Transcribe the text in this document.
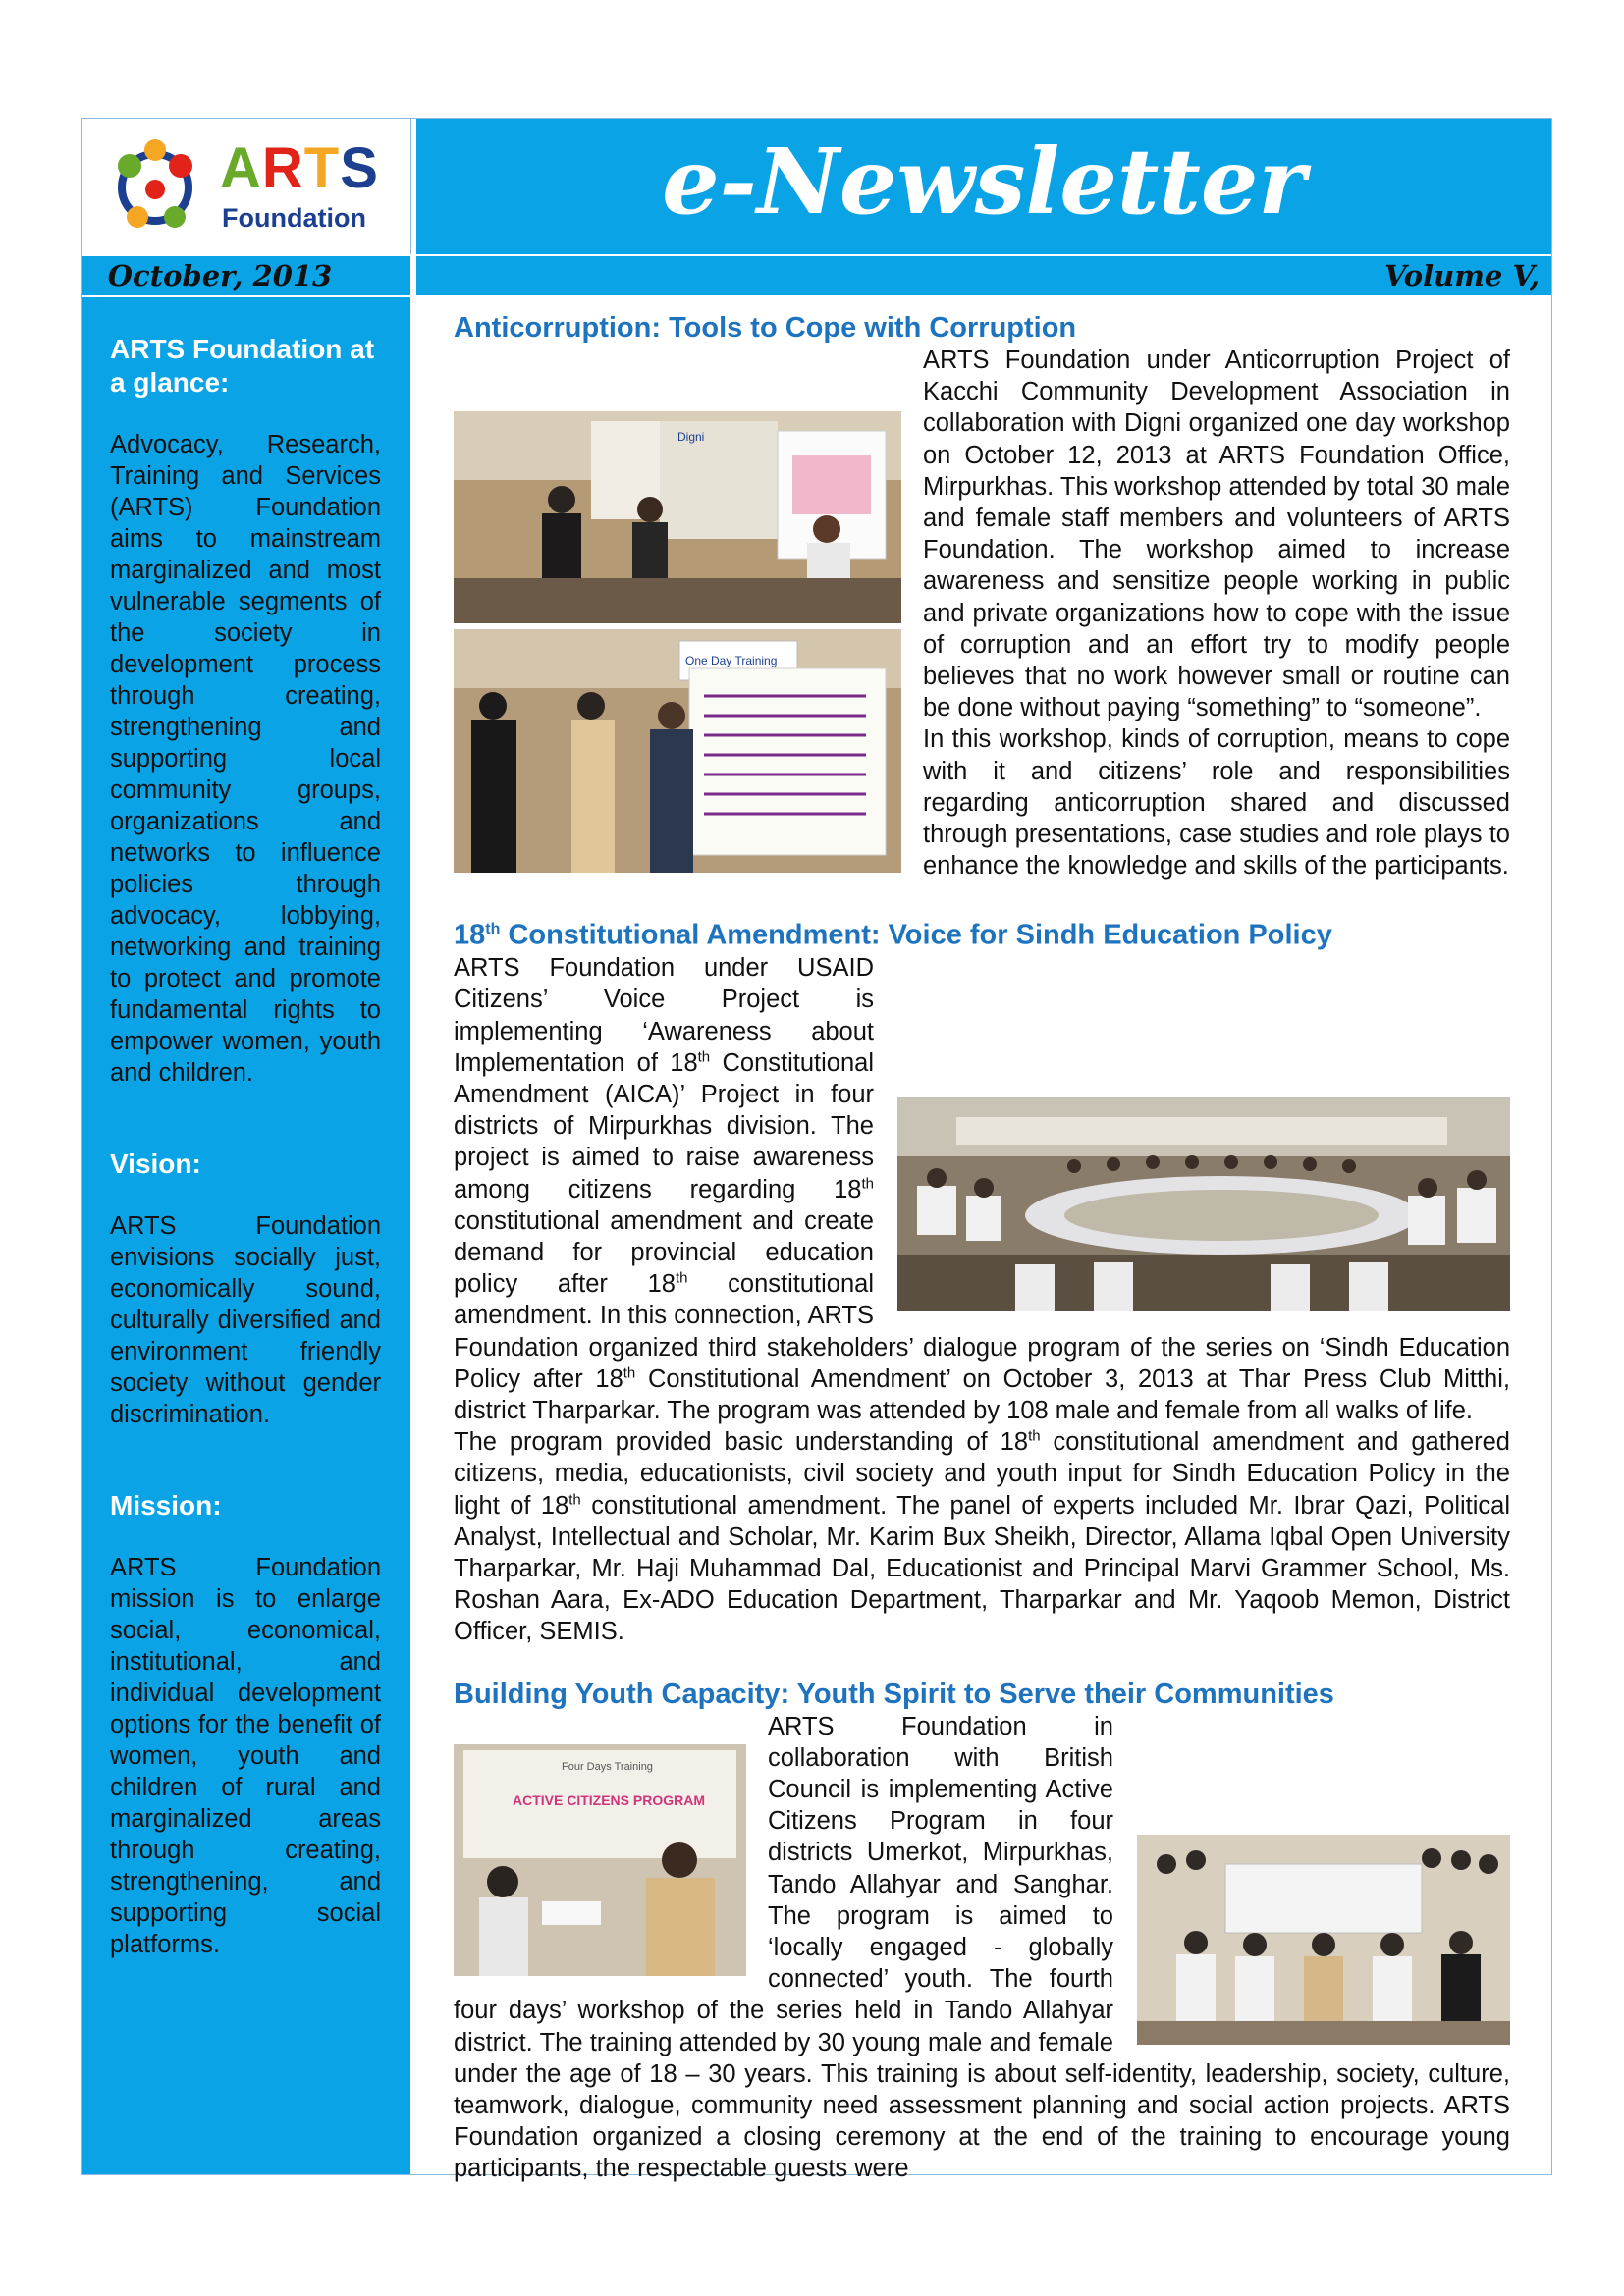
ARTS
Foundation	e-Newsletter
October, 2013	Volume V,

ARTS Foundation at a glance:

Advocacy, Research, Training and Services (ARTS) Foundation aims to mainstream marginalized and most vulnerable segments of the society in development process through creating, strengthening and supporting local community groups, organizations and networks to influence policies through advocacy, lobbying, networking and training to protect and promote fundamental rights to empower women, youth and children.

Vision:

ARTS Foundation envisions socially just, economically sound, culturally diversified and environment friendly society without gender discrimination.

Mission:

ARTS Foundation mission is to enlarge social, economical, institutional, and individual development options for the benefit of women, youth and children of rural and marginalized areas through creating, strengthening, and supporting social platforms.

Anticorruption: Tools to Cope with Corruption

Digni
One Day Training

ARTS Foundation under Anticorruption Project of Kacchi Community Development Association in collaboration with Digni organized one day workshop on October 12, 2013 at ARTS Foundation Office, Mirpurkhas. This workshop attended by total 30 male and female staff members and volunteers of ARTS Foundation. The workshop aimed to increase awareness and sensitize people working in public and private organizations how to cope with the issue of corruption and an effort try to modify people believes that no work however small or routine can be done without paying “something” to “someone”.

In this workshop, kinds of corruption, means to cope with it and citizens’ role and responsibilities regarding anticorruption shared and discussed through presentations, case studies and role plays to enhance the knowledge and skills of the participants.

18th Constitutional Amendment: Voice for Sindh Education Policy

ARTS Foundation under USAID Citizens’ Voice Project is implementing ‘Awareness about Implementation of 18th Constitutional Amendment (AICA)’ Project in four districts of Mirpurkhas division. The project is aimed to raise awareness among citizens regarding 18th constitutional amendment and create demand for provincial education policy after 18th constitutional amendment. In this connection, ARTS Foundation organized third stakeholders’ dialogue program of the series on ‘Sindh Education Policy after 18th Constitutional Amendment’ on October 3, 2013 at Thar Press Club Mitthi, district Tharparkar. The program was attended by 108 male and female from all walks of life.

The program provided basic understanding of 18th constitutional amendment and gathered citizens, media, educationists, civil society and youth input for Sindh Education Policy in the light of 18th constitutional amendment. The panel of experts included Mr. Ibrar Qazi, Political Analyst, Intellectual and Scholar, Mr. Karim Bux Sheikh, Director, Allama Iqbal Open University Tharparkar, Mr. Haji Muhammad Dal, Educationist and Principal Marvi Grammer School, Ms. Roshan Aara, Ex-ADO Education Department, Tharparkar and Mr. Yaqoob Memon, District Officer, SEMIS.

Building Youth Capacity: Youth Spirit to Serve their Communities

Four Days Training
ACTIVE CITIZENS PROGRAM

ARTS Foundation in collaboration with British Council is implementing Active Citizens Program in four districts Umerkot, Mirpurkhas, Tando Allahyar and Sanghar. The program is aimed to ‘locally engaged - globally connected’ youth. The fourth four days’ workshop of the series held in Tando Allahyar district. The training attended by 30 young male and female under the age of 18 – 30 years. This training is about self-identity, leadership, society, culture, teamwork, dialogue, community need assessment planning and social action projects. ARTS Foundation organized a closing ceremony at the end of the training to encourage young participants, the respectable guests were
